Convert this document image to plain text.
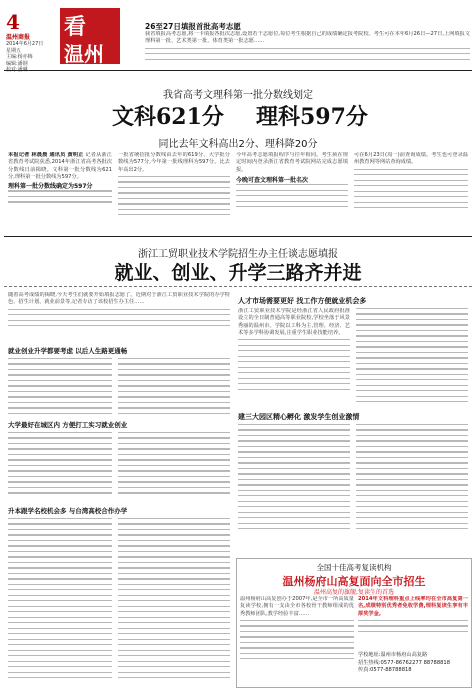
4
温州商报
2014年6月27日
星期五
主编:杨亦梅
编辑:潘钢
看
温州
26至27日填报首批高考志愿
我省填报高考志愿,将一卡填报各批次志愿,设置若干志愿位,每位考生根据自己的成绩确定报考院校。考生可在本年6月26日—27日,上网填报文理科第一批、艺术类第一批、体育类第一批志愿……
我省高考文理科第一批分数线划定
文科621分 理科597分
同比去年文科高出2分、理科降20分
本报记者 林晨晨 通讯员 黄明正 记者从浙江省教育考试院获悉,2014年浙江省高考各批次分数线日前揭晓。文科第一批分数线为621分,理科第一批分数线为597分。
理科第一批分数线确定为597分
一批省统招批分数线由去年的619分、大学批分数线为577分,今年第一批线理科为597分。比去年高出2分。
今年高考志愿填报程序与往年相同。考生须在规定时间内登录浙江省教育考试院网站完成志愿填报。
今晚可查文理科第一批名次
可在6月23日(周一)前查询成绩。考生也可登录温州教育网等网站查询成绩。
浙江工贸职业技术学院招生办主任谈志愿填报
就业、创业、升学三路齐并进
随着高考成绩的揭晓,今天考生们就要开始填报志愿了。近期对于浙江工贸职业技术学院的办学特色、招生计划、就业前景等,记者专访了该校招生办主任……
就业创业升学都要考虑 以后人生路更通畅
大学最好在城区内 方便打工实习就业创业
升本跟学名校机会多 与台湾高校合作办学
人才市场需要更好 找工作方便就业机会多
浙江工贸职业技术学院是经浙江省人民政府批准设立的全日制普通高等职业院校,学校坐落于风景秀丽的温州市。学院以工科为主,管理、经济、艺术等多学科协调发展,注重学生职业技能培养。
建三大园区精心孵化 激发学生创业激情
全国十佳高考复读机构
温州杨府山高复面向全市招生
温州高复的旗舰,复读生的首选
温州杨府山高复创办于2007年,是全市一所高质量复读学校,拥有一支由全市各校骨干教师组成的优秀教师团队,教学经验丰富……
2014年文科理科重点上线率均在全市高复第一名,成绩特别优秀者免收学费,理科复读生享有丰厚奖学金。
学校地址:温州市杨府山高复路
招生热线:0577-86762277 88788818
传真:0577-88788818
